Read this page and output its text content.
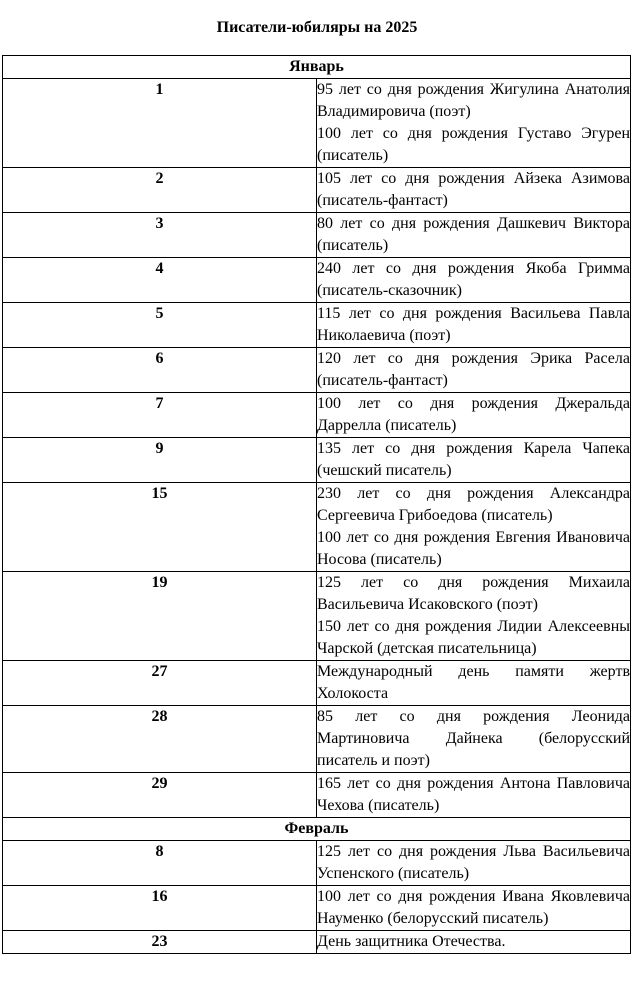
Писатели-юбиляры на 2025
Январь	
1	95 лет со дня рождения Жигулина Анатолия Владимировича (поэт)
100 лет со дня рождения Густаво Эгурен (писатель)

2	105 лет со дня рождения Айзека Азимова (писатель-фантаст)

3	80 лет со дня рождения Дашкевич Виктора (писатель)

4	240 лет со дня рождения Якоба Гримма (писатель-сказочник)

5	115 лет со дня рождения Васильева Павла Николаевича (поэт)

6	120 лет со дня рождения Эрика Расела (писатель-фантаст)

7	100 лет со дня рождения Джеральда Даррелла (писатель)

9	135 лет со дня рождения Карела Чапека (чешский писатель)

15	230 лет со дня рождения Александра Сергеевича Грибоедова (писатель)
100 лет со дня рождения Евгения Ивановича Носова (писатель)

19	125 лет со дня рождения Михаила Васильевича Исаковского (поэт)
150 лет со дня рождения Лидии Алексеевны Чарской (детская писательница)

27	Международный день памяти жертв Холокоста

28	85 лет со дня рождения Леонида Мартиновича Дайнека (белорусский писатель и поэт)

29	165 лет со дня рождения Антона Павловича Чехова (писатель)

Февраль	
8	125 лет со дня рождения Льва Васильевича Успенского (писатель)

16	100 лет со дня рождения Ивана Яковлевича Науменко (белорусский писатель)

23	День защитника Отечества.
